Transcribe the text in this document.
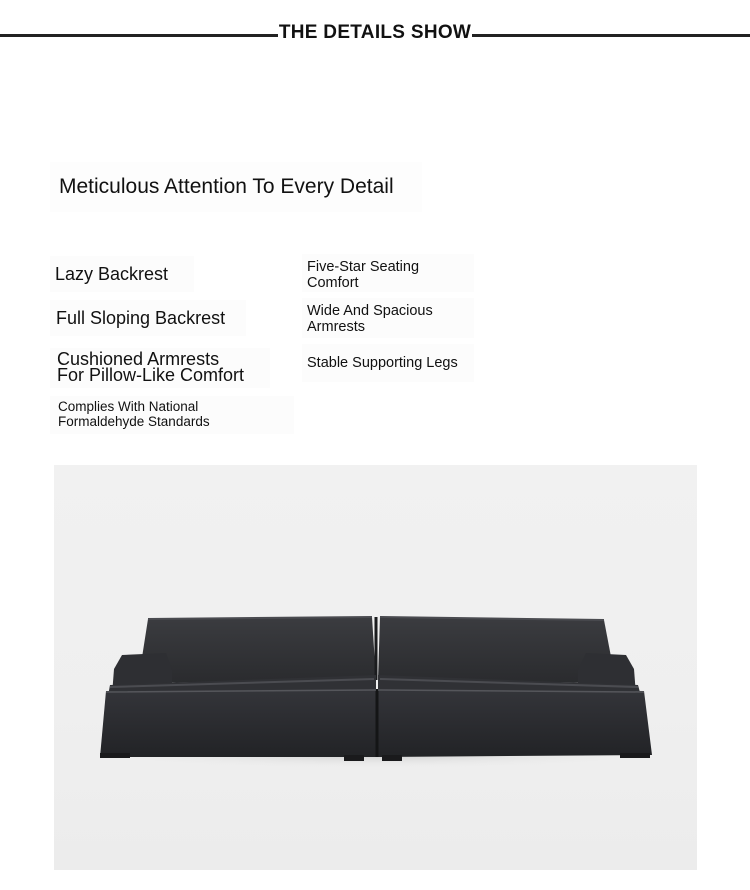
THE DETAILS SHOW
Meticulous Attention To Every Detail
Lazy Backrest
Full Sloping Backrest
Cushioned Armrests
For Pillow-Like Comfort
Complies With National
Formaldehyde Standards
Five-Star Seating
Comfort
Wide And Spacious
Armrests
Stable Supporting Legs
